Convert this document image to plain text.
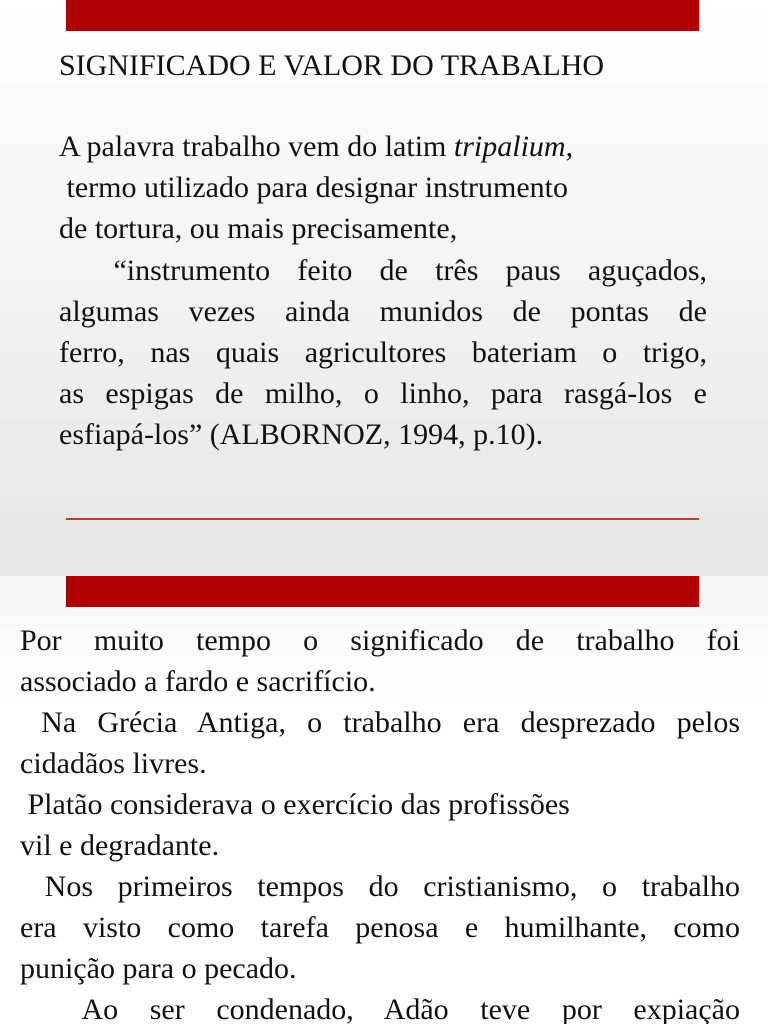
SIGNIFICADO E VALOR DO TRABALHO

A palavra trabalho vem do latim tripalium,
termo utilizado para designar instrumento
de tortura, ou mais precisamente,

“instrumento feito de três paus aguçados,
algumas vezes ainda munidos de pontas de
ferro, nas quais agricultores bateriam o trigo,
as espigas de milho, o linho, para rasgá-los e
esfiapá-los” (ALBORNOZ, 1994, p.10).

Por muito tempo o significado de trabalho foi
associado a fardo e sacrifício.
Na Grécia Antiga, o trabalho era desprezado pelos
cidadãos livres.
Platão considerava o exercício das profissões
vil e degradante.
Nos primeiros tempos do cristianismo, o trabalho
era visto como tarefa penosa e humilhante, como
punição para o pecado.
Ao ser condenado, Adão teve por expiação
